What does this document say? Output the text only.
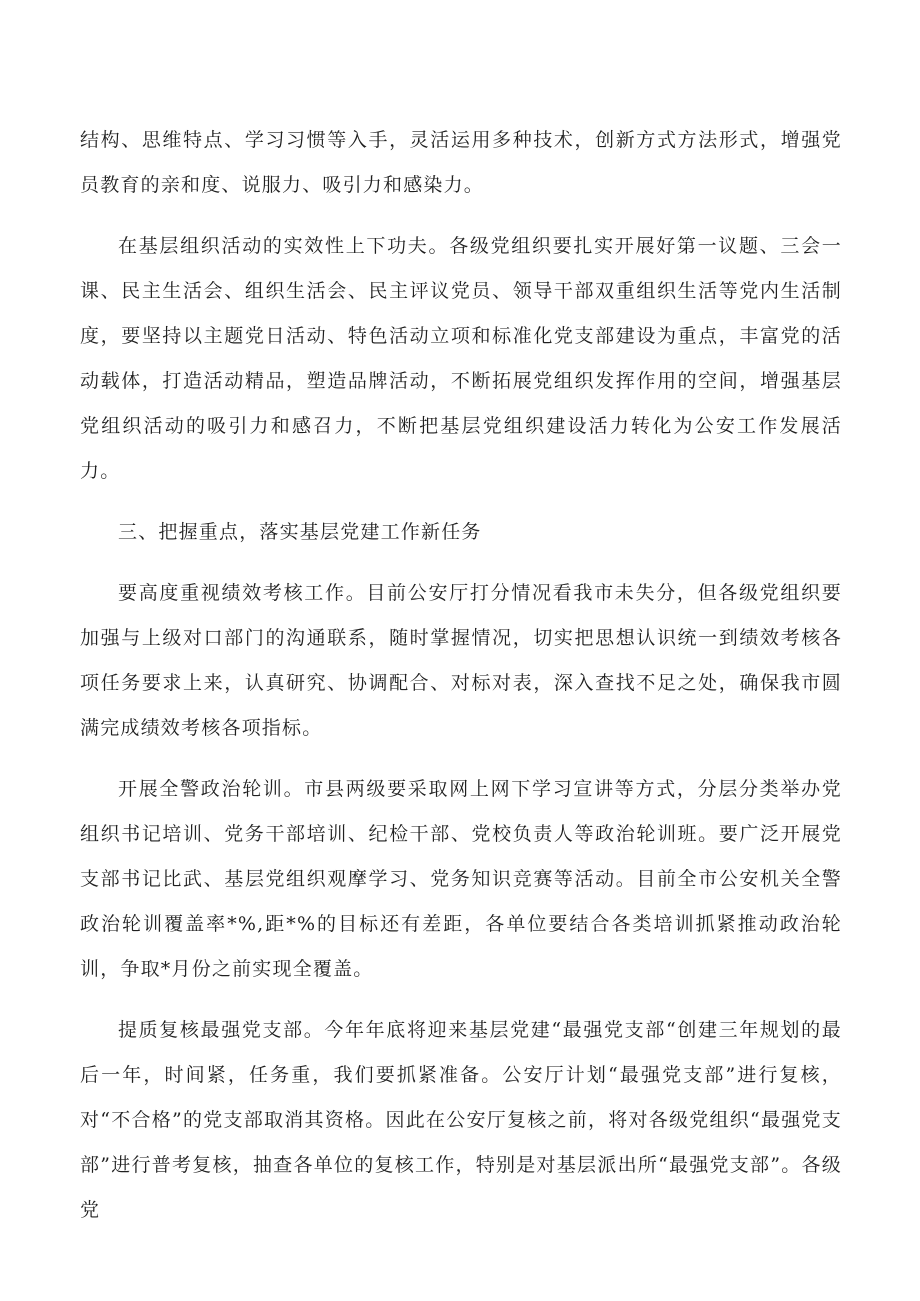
结构、思维特点、学习习惯等入手，灵活运用多种技术，创新方式方法形式，增强党员教育的亲和度、说服力、吸引力和感染力。

在基层组织活动的实效性上下功夫。各级党组织要扎实开展好第一议题、三会一课、民主生活会、组织生活会、民主评议党员、领导干部双重组织生活等党内生活制度，要坚持以主题党日活动、特色活动立项和标准化党支部建设为重点，丰富党的活动载体，打造活动精品，塑造品牌活动，不断拓展党组织发挥作用的空间，增强基层党组织活动的吸引力和感召力，不断把基层党组织建设活力转化为公安工作发展活力。

三、把握重点，落实基层党建工作新任务

要高度重视绩效考核工作。目前公安厅打分情况看我市未失分，但各级党组织要加强与上级对口部门的沟通联系，随时掌握情况，切实把思想认识统一到绩效考核各项任务要求上来，认真研究、协调配合、对标对表，深入查找不足之处，确保我市圆满完成绩效考核各项指标。

开展全警政治轮训。市县两级要采取网上网下学习宣讲等方式，分层分类举办党组织书记培训、党务干部培训、纪检干部、党校负责人等政治轮训班。要广泛开展党支部书记比武、基层党组织观摩学习、党务知识竞赛等活动。目前全市公安机关全警政治轮训覆盖率*%,距*%的目标还有差距，各单位要结合各类培训抓紧推动政治轮训，争取*月份之前实现全覆盖。

提质复核最强党支部。今年年底将迎来基层党建“最强党支部“创建三年规划的最后一年，时间紧，任务重，我们要抓紧准备。公安厅计划“最强党支部”进行复核，对“不合格”的党支部取消其资格。因此在公安厅复核之前，将对各级党组织“最强党支部”进行普考复核，抽查各单位的复核工作，特别是对基层派出所“最强党支部”。各级党
